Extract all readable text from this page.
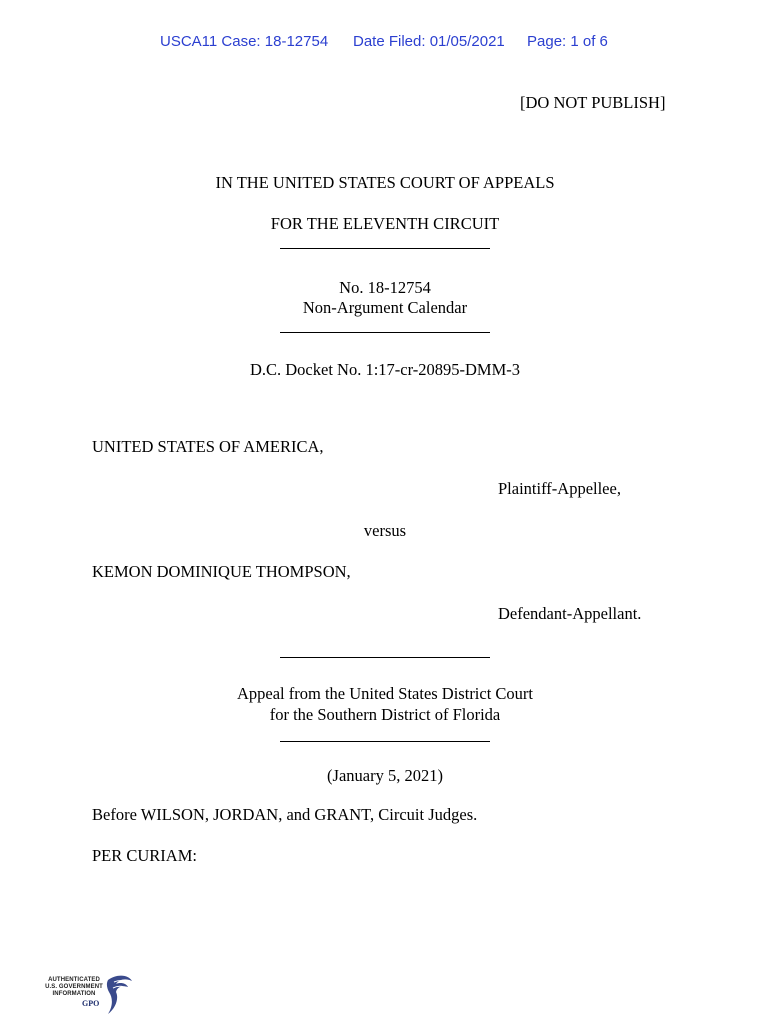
USCA11 Case: 18-12754 Date Filed: 01/05/2021 Page: 1 of 6
[DO NOT PUBLISH]
IN THE UNITED STATES COURT OF APPEALS
FOR THE ELEVENTH CIRCUIT
No. 18-12754
Non-Argument Calendar
D.C. Docket No. 1:17-cr-20895-DMM-3
UNITED STATES OF AMERICA,
Plaintiff-Appellee,
versus
KEMON DOMINIQUE THOMPSON,
Defendant-Appellant.
Appeal from the United States District Court
for the Southern District of Florida
(January 5, 2021)
Before WILSON, JORDAN, and GRANT, Circuit Judges.
PER CURIAM:
AUTHENTICATED
U.S. GOVERNMENT
INFORMATION
GPO
